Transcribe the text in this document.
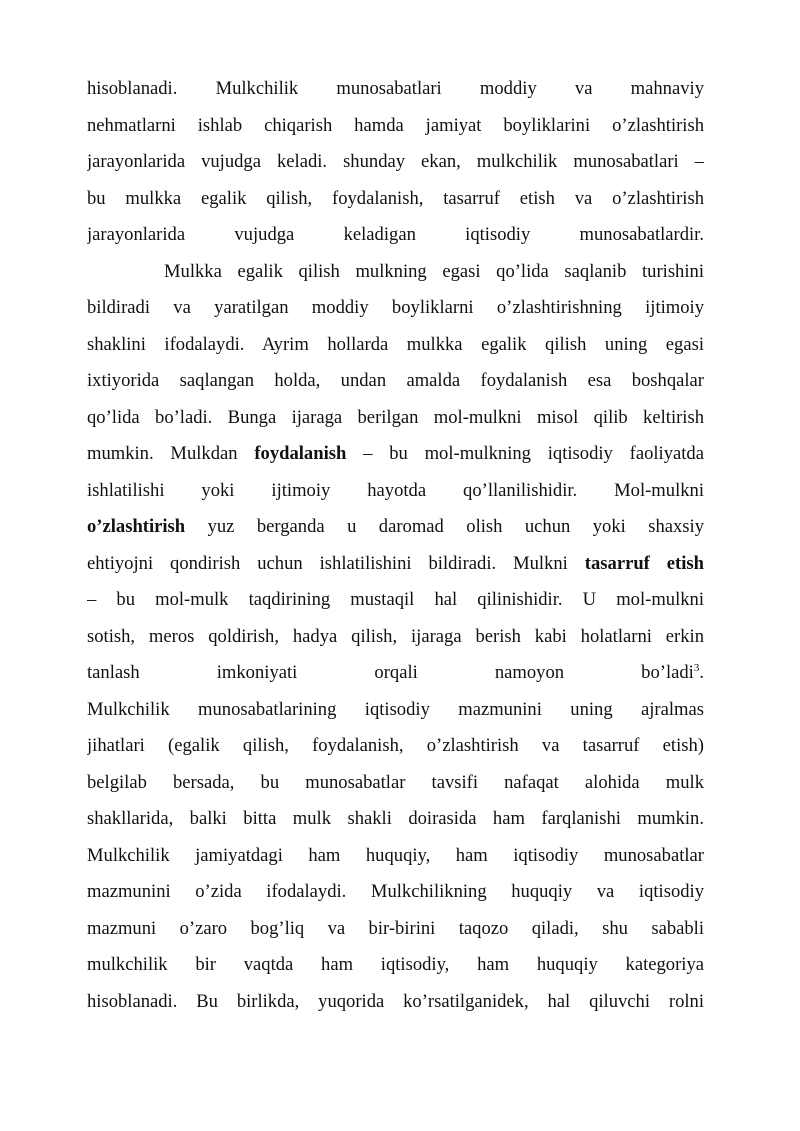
hisoblanadi. Mulkchilik munosabatlari moddiy va mahnaviy
nehmatlarni ishlab chiqarish hamda jamiyat boyliklarini o’zlashtirish
jarayonlarida vujudga keladi. shunday ekan, mulkchilik munosabatlari –
bu mulkka egalik qilish, foydalanish, tasarruf etish va o’zlashtirish
jarayonlarida vujudga keladigan iqtisodiy munosabatlardir.
Mulkka egalik qilish mulkning egasi qo’lida saqlanib turishini
bildiradi va yaratilgan moddiy boyliklarni o’zlashtirishning ijtimoiy
shaklini ifodalaydi. Ayrim hollarda mulkka egalik qilish uning egasi
ixtiyorida saqlangan holda, undan amalda foydalanish esa boshqalar
qo’lida bo’ladi. Bunga ijaraga berilgan mol-mulkni misol qilib keltirish
mumkin. Mulkdan foydalanish – bu mol-mulkning iqtisodiy faoliyatda
ishlatilishi yoki ijtimoiy hayotda qo’llanilishidir. Mol-mulkni
o’zlashtirish yuz berganda u daromad olish uchun yoki shaxsiy
ehtiyojni qondirish uchun ishlatilishini bildiradi. Mulkni tasarruf etish
– bu mol-mulk taqdirining mustaqil hal qilinishidir. U mol-mulkni
sotish, meros qoldirish, hadya qilish, ijaraga berish kabi holatlarni erkin
tanlash imkoniyati orqali namoyon bo’ladi$^3$.
Mulkchilik munosabatlarining iqtisodiy mazmunini uning ajralmas
jihatlari (egalik qilish, foydalanish, o’zlashtirish va tasarruf etish)
belgilab bersada, bu munosabatlar tavsifi nafaqat alohida mulk
shakllarida, balki bitta mulk shakli doirasida ham farqlanishi mumkin.
Mulkchilik jamiyatdagi ham huquqiy, ham iqtisodiy munosabatlar
mazmunini o’zida ifodalaydi. Mulkchilikning huquqiy va iqtisodiy
mazmuni o’zaro bog’liq va bir-birini taqozo qiladi, shu sababli
mulkchilik bir vaqtda ham iqtisodiy, ham huquqiy kategoriya
hisoblanadi. Bu birlikda, yuqorida ko’rsatilganidek, hal qiluvchi rolni
